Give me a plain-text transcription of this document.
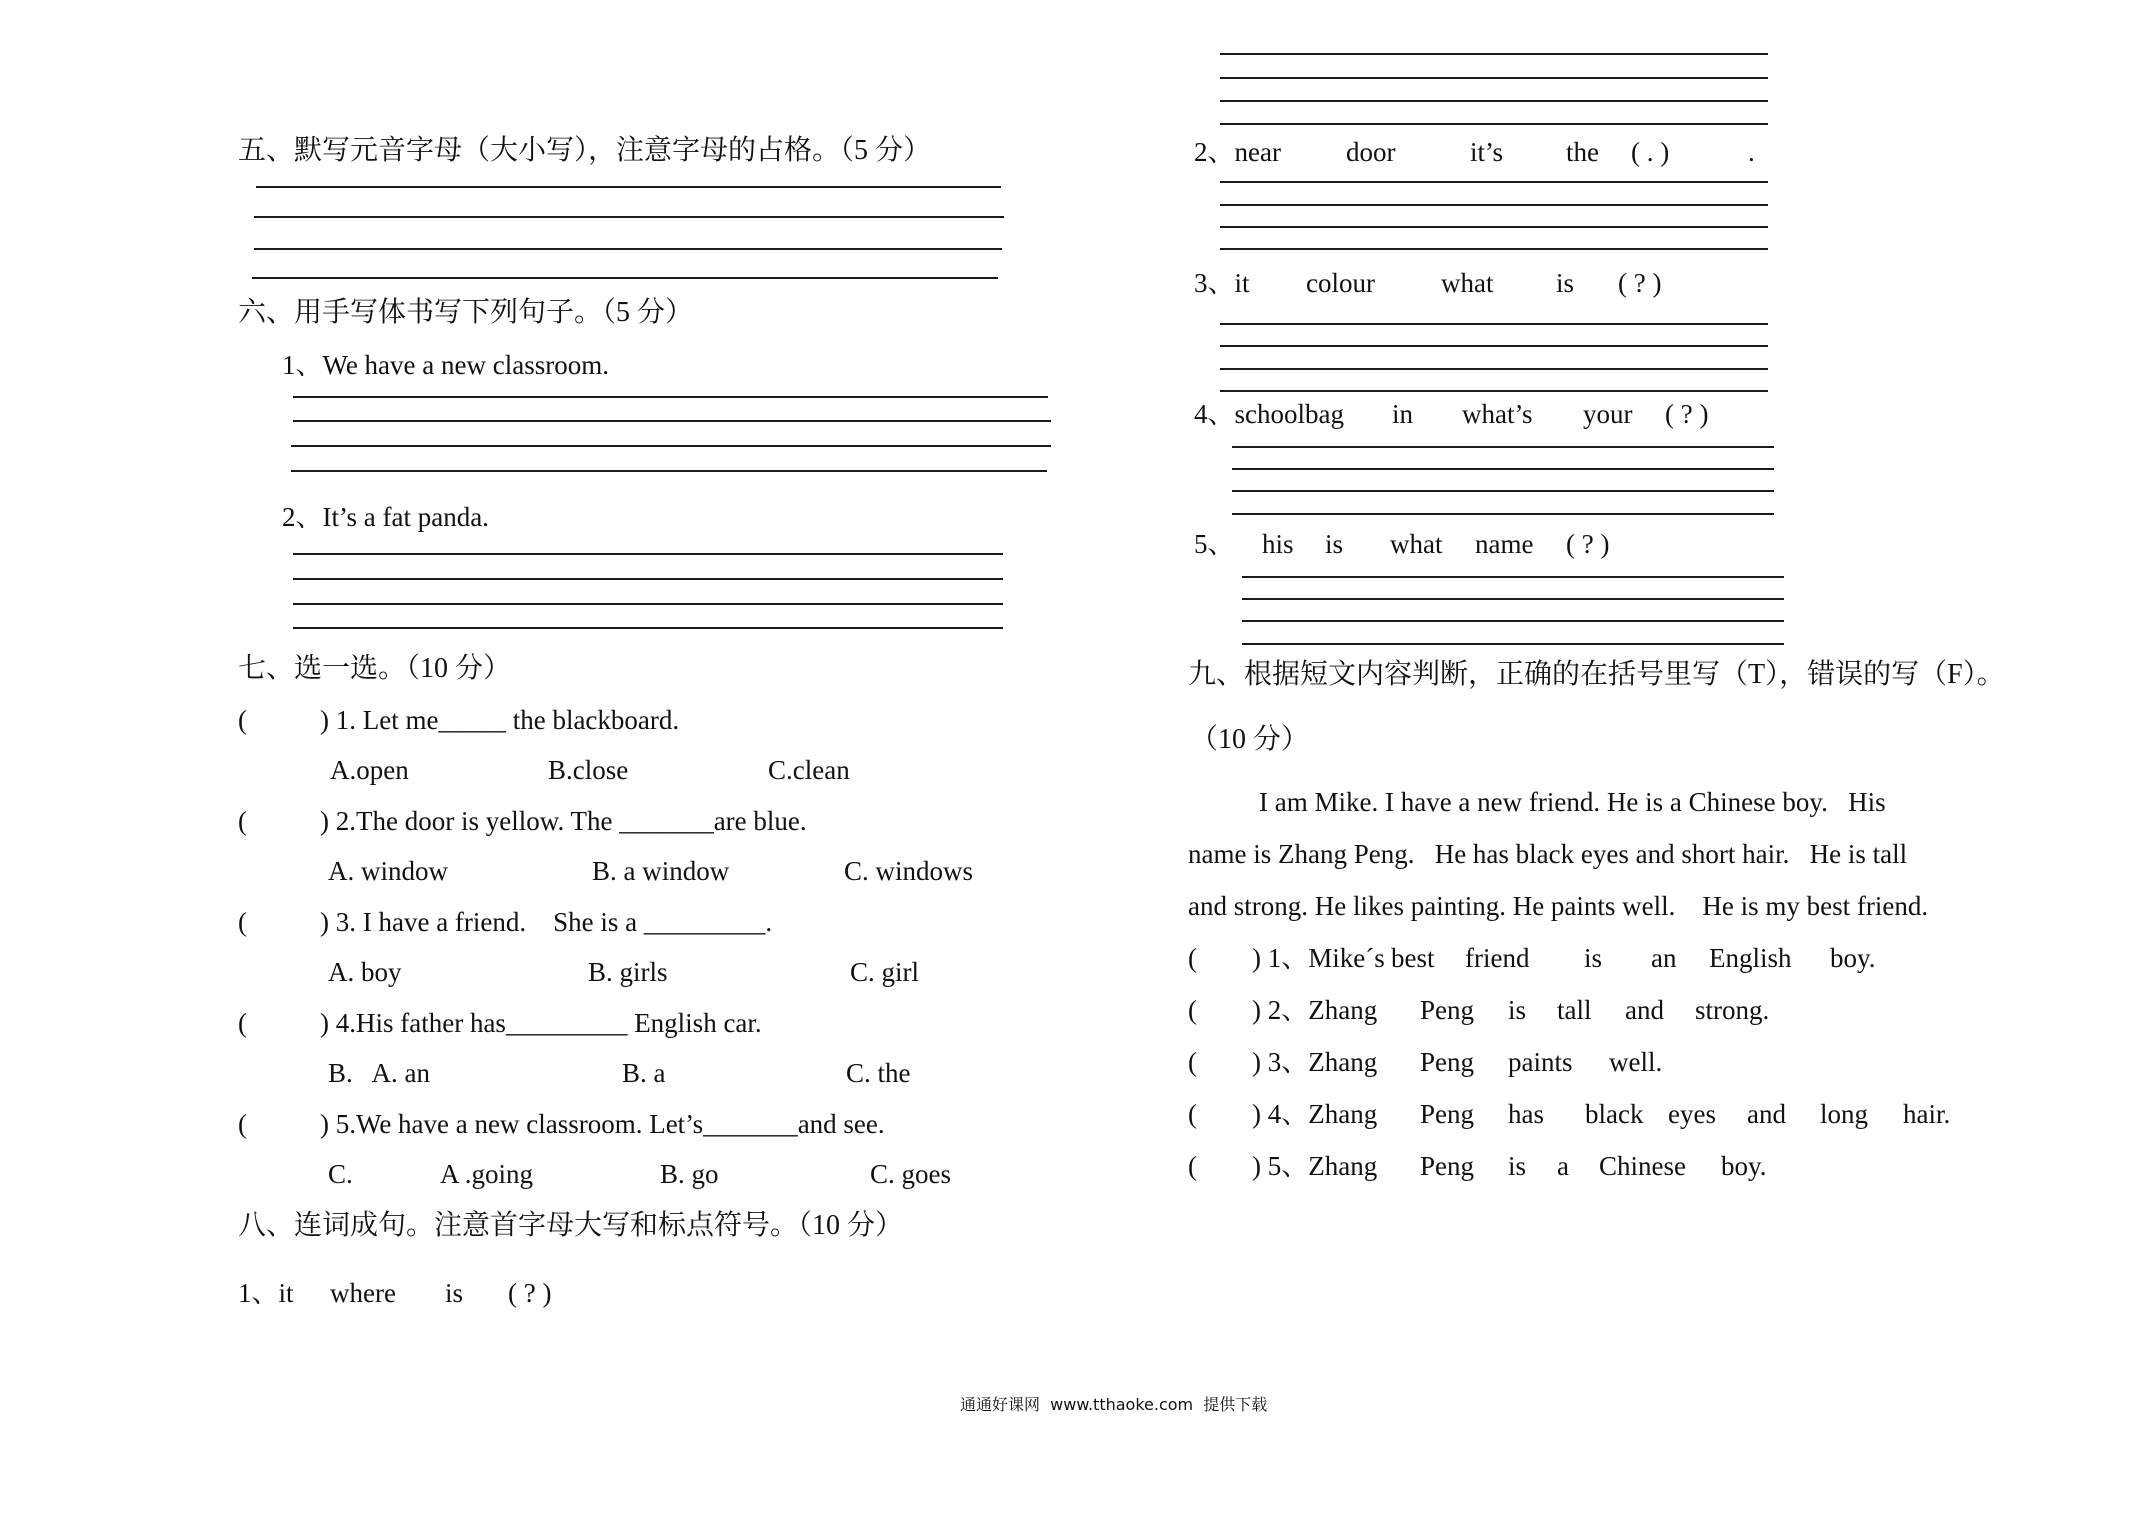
五、默写元音字母（大小写），注意字母的占格。（5 分）
六、用手写体书写下列句子。（5 分）
1、We have a new classroom.
2、It’s a fat panda.
七、选一选。（10 分）
(	) 1. Let me_____ the blackboard.
A.open	B.close	C.clean
(	) 2.The door is yellow. The _______are blue.
A. window	B. a window	C. windows
(	) 3. I have a friend.    She is a _________.
A. boy	B. girls	C. girl
(	) 4.His father has_________ English car.
B.   A. an	B. a	C. the
(	) 5.We have a new classroom. Let’s_______and see.
C.	A .going	B. go	C. goes
八、连词成句。注意首字母大写和标点符号。（10 分）
1、it where is ( ? )
2、near door	it’s the ( . )	.
3、it colour what is ( ? )
4、schoolbag in what’s your ( ? )
5、 his is what name ( ? )
九、根据短文内容判断，正确的在括号里写（T），错误的写（F）。
（10 分）
I am Mike. I have a new friend. He is a Chinese boy.   His
name is Zhang Peng.   He has black eyes and short hair.   He is tall
and strong. He likes painting. He paints well.    He is my best friend.
( ) 1、Mike´s best friend is an English boy.
( ) 2、Zhang Peng is tall and strong.
( ) 3、Zhang Peng paints well.
( ) 4、Zhang Peng has black eyes and long hair.
( ) 5、Zhang Peng is a Chinese boy.
通通好课网  www.tthaoke.com  提供下载
